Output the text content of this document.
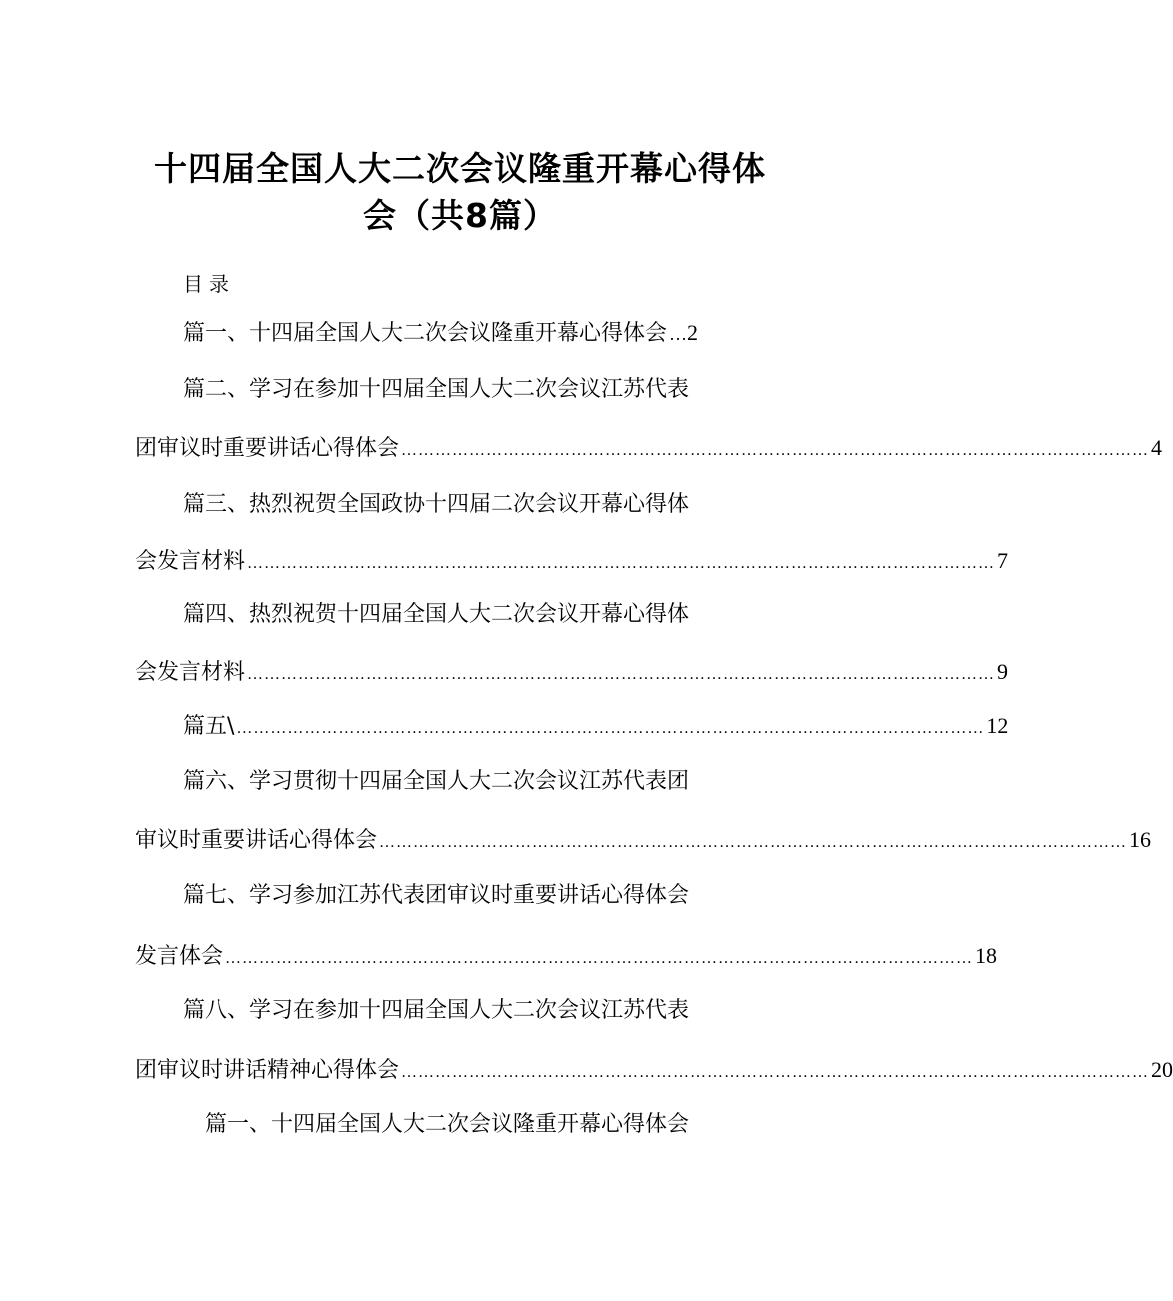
十四届全国人大二次会议隆重开幕心得体
会（共8篇）
目录
篇一、十四届全国人大二次会议隆重开幕心得体会 … 2
篇二、学习在参加十四届全国人大二次会议江苏代表
团审议时重要讲话心得体会 …………………………………………………………………………………………………………………… 4
篇三、热烈祝贺全国政协十四届二次会议开幕心得体
会发言材料 …………………………………………………………………………………………………………………… 7
篇四、热烈祝贺十四届全国人大二次会议开幕心得体
会发言材料 …………………………………………………………………………………………………………………… 9
篇五\ …………………………………………………………………………………………………………………… 12
篇六、学习贯彻十四届全国人大二次会议江苏代表团
审议时重要讲话心得体会 …………………………………………………………………………………………………………………… 16
篇七、学习参加江苏代表团审议时重要讲话心得体会
发言体会 …………………………………………………………………………………………………………………… 18
篇八、学习在参加十四届全国人大二次会议江苏代表
团审议时讲话精神心得体会 …………………………………………………………………………………………………………………… 20
篇一、十四届全国人大二次会议隆重开幕心得体会
